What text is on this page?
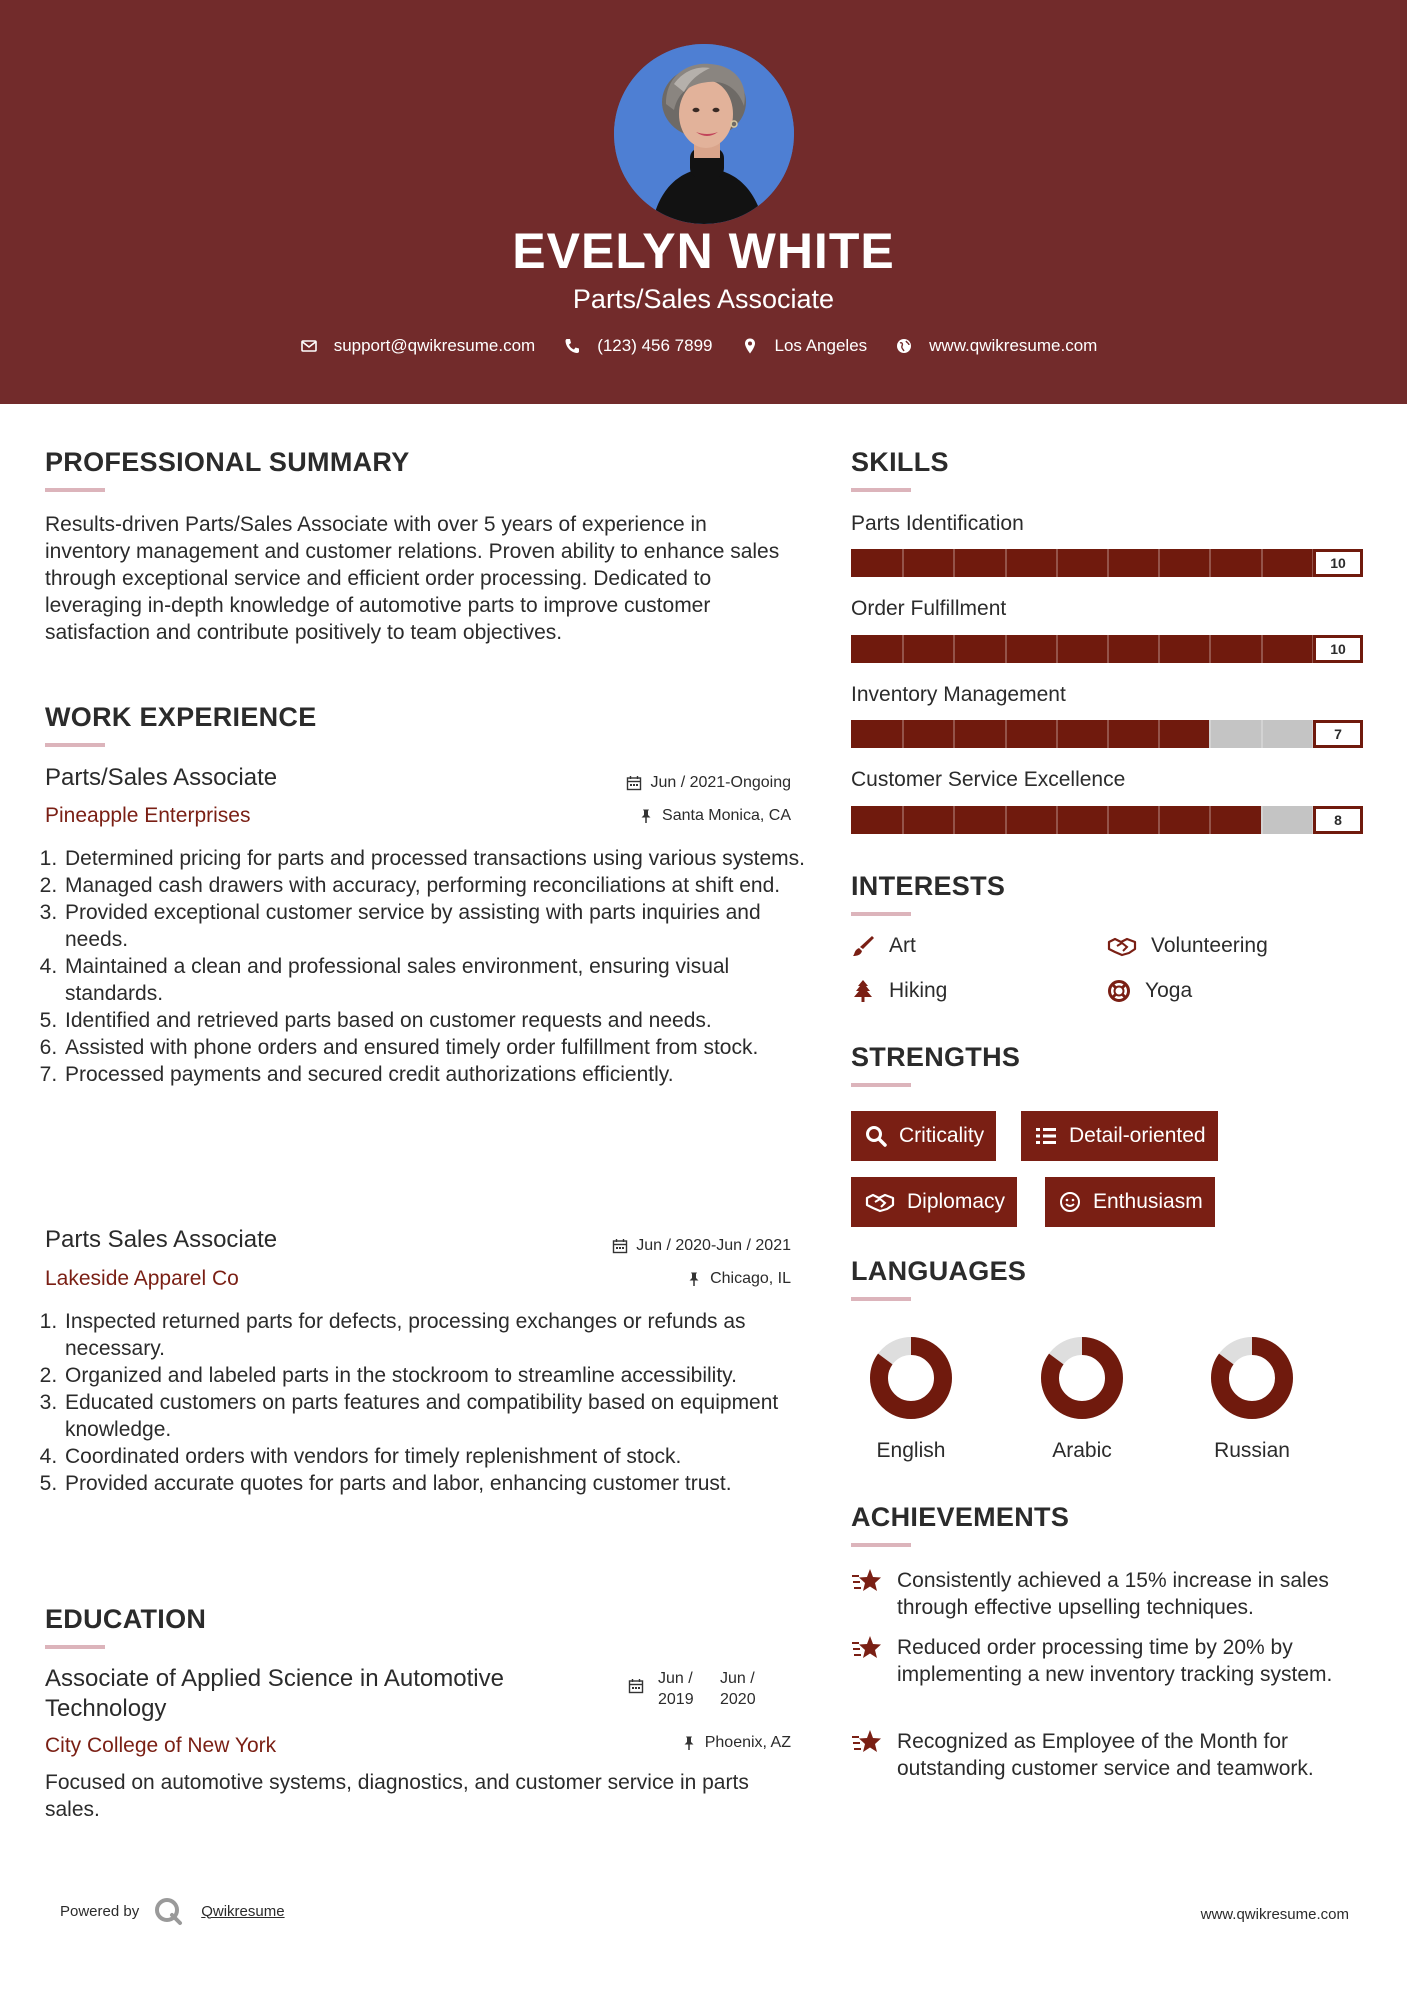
EVELYN WHITE
Parts/Sales Associate
support@qwikresume.com	(123) 456 7899	Los Angeles	www.qwikresume.com
PROFESSIONAL SUMMARY
Results-driven Parts/Sales Associate with over 5 years of experience in inventory management and customer relations. Proven ability to enhance sales through exceptional service and efficient order processing. Dedicated to leveraging in-depth knowledge of automotive parts to improve customer satisfaction and contribute positively to team objectives.
WORK EXPERIENCE
Parts/Sales Associate	Jun / 2021-Ongoing
Pineapple Enterprises	Santa Monica, CA
1. Determined pricing for parts and processed transactions using various systems.
2. Managed cash drawers with accuracy, performing reconciliations at shift end.
3. Provided exceptional customer service by assisting with parts inquiries and needs.
4. Maintained a clean and professional sales environment, ensuring visual standards.
5. Identified and retrieved parts based on customer requests and needs.
6. Assisted with phone orders and ensured timely order fulfillment from stock.
7. Processed payments and secured credit authorizations efficiently.
Parts Sales Associate	Jun / 2020-Jun / 2021
Lakeside Apparel Co	Chicago, IL
1. Inspected returned parts for defects, processing exchanges or refunds as necessary.
2. Organized and labeled parts in the stockroom to streamline accessibility.
3. Educated customers on parts features and compatibility based on equipment knowledge.
4. Coordinated orders with vendors for timely replenishment of stock.
5. Provided accurate quotes for parts and labor, enhancing customer trust.
EDUCATION
Associate of Applied Science in Automotive Technology
Jun / 2019
Jun / 2020
City College of New York	Phoenix, AZ
Focused on automotive systems, diagnostics, and customer service in parts sales.
SKILLS
Parts Identification
10
Order Fulfillment
10
Inventory Management
7
Customer Service Excellence
8
INTERESTS
Art	Volunteering
Hiking	Yoga
STRENGTHS
Criticality	Detail-oriented
Diplomacy	Enthusiasm
LANGUAGES
English	Arabic	Russian
ACHIEVEMENTS
Consistently achieved a 15% increase in sales through effective upselling techniques.
Reduced order processing time by 20% by implementing a new inventory tracking system.
Recognized as Employee of the Month for outstanding customer service and teamwork.
Powered by	Qwikresume	www.qwikresume.com
